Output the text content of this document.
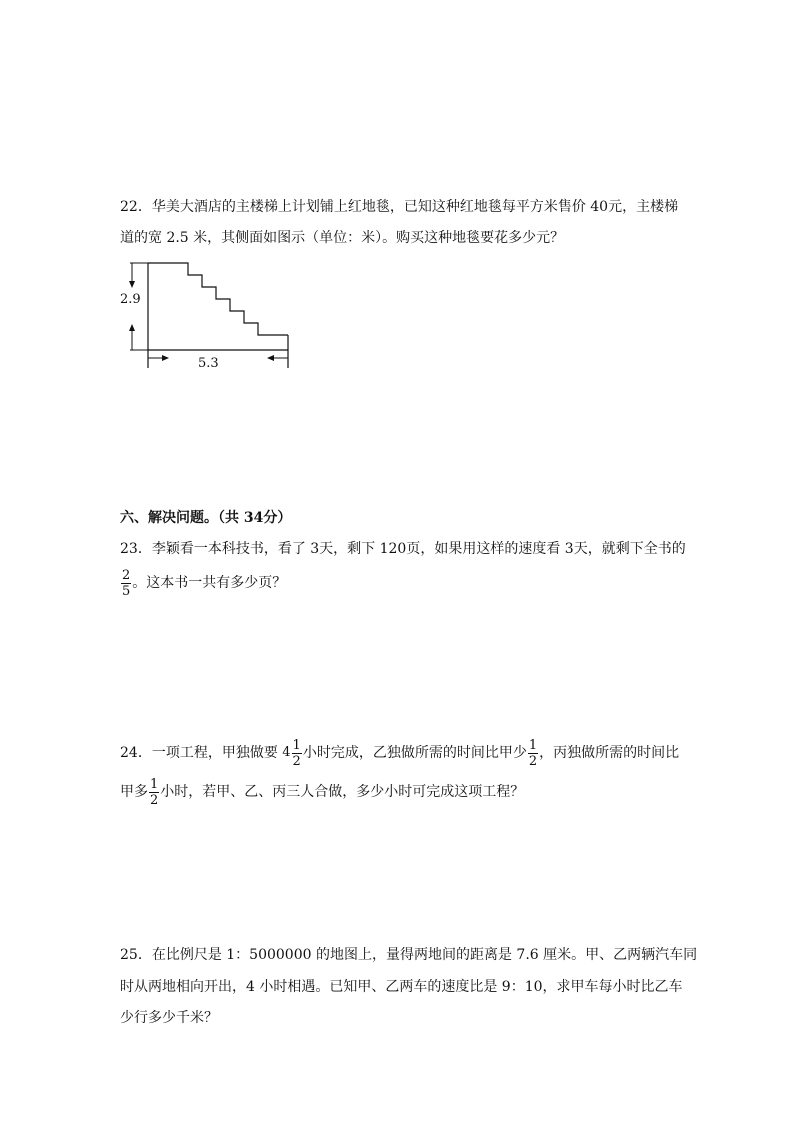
22．华美大酒店的主楼梯上计划铺上红地毯，已知这种红地毯每平方米售价 40元，主楼梯
道的宽 2.5 米，其侧面如图示（单位：米）。购买这种地毯要花多少元？
2.9
5.3
六、解决问题。（共 34分）
23．李颖看一本科技书，看了 3天，剩下 120页，如果用这样的速度看 3天，就剩下全书的
$\frac{2}{5}$ 。这本书一共有多少页？
24．一项工程，甲独做要 $4 \frac{1}{2}$ 小时完成，乙独做所需的时间比甲少 $\frac{1}{2}$ ，丙独做所需的时间比
甲多 $\frac{1}{2}$ 小时，若甲、乙、丙三人合做，多少小时可完成这项工程？
25．在比例尺是 1：5000000 的地图上，量得两地间的距离是 7.6 厘米。甲、乙两辆汽车同
时从两地相向开出，4 小时相遇。已知甲、乙两车的速度比是 9：10，求甲车每小时比乙车
少行多少千米？
